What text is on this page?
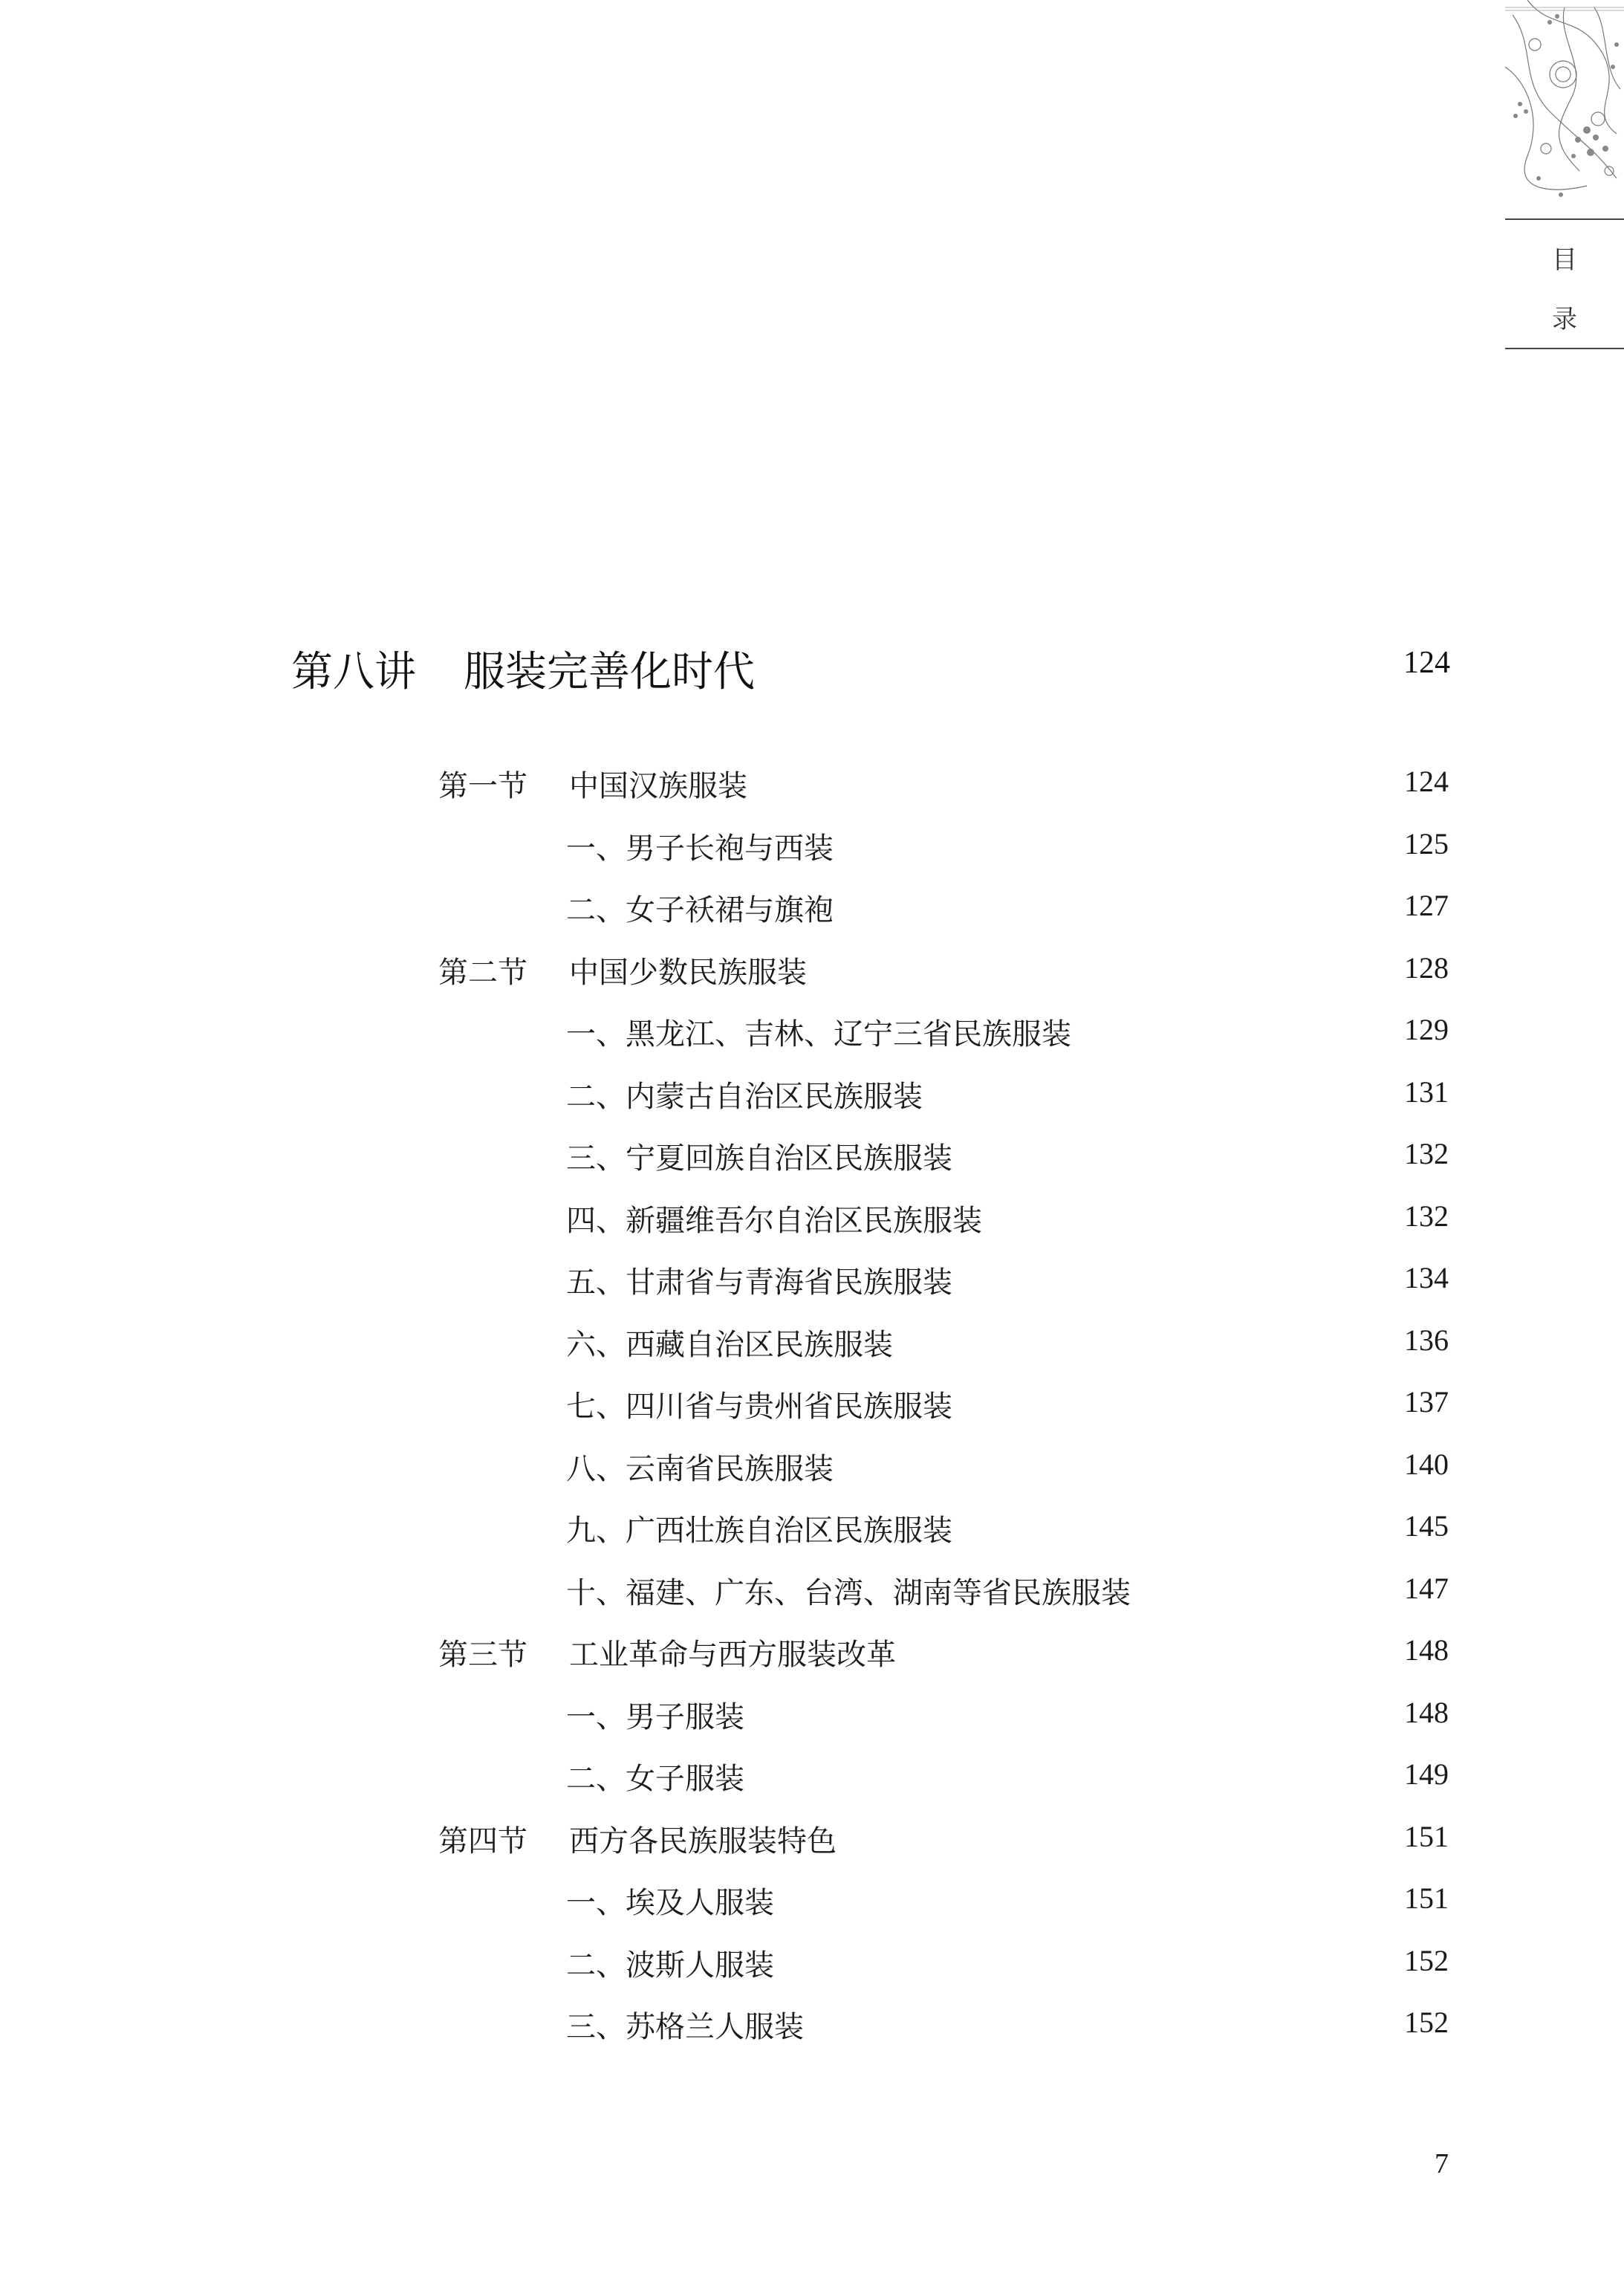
目
录
第八讲 服装完善化时代	124
第一节 中国汉族服装	124
一、男子长袍与西装	125
二、女子袄裙与旗袍	127
第二节 中国少数民族服装	128
一、黑龙江、吉林、辽宁三省民族服装	129
二、内蒙古自治区民族服装	131
三、宁夏回族自治区民族服装	132
四、新疆维吾尔自治区民族服装	132
五、甘肃省与青海省民族服装	134
六、西藏自治区民族服装	136
七、四川省与贵州省民族服装	137
八、云南省民族服装	140
九、广西壮族自治区民族服装	145
十、福建、广东、台湾、湖南等省民族服装	147
第三节 工业革命与西方服装改革	148
一、男子服装	148
二、女子服装	149
第四节 西方各民族服装特色	151
一、埃及人服装	151
二、波斯人服装	152
三、苏格兰人服装	152
7
